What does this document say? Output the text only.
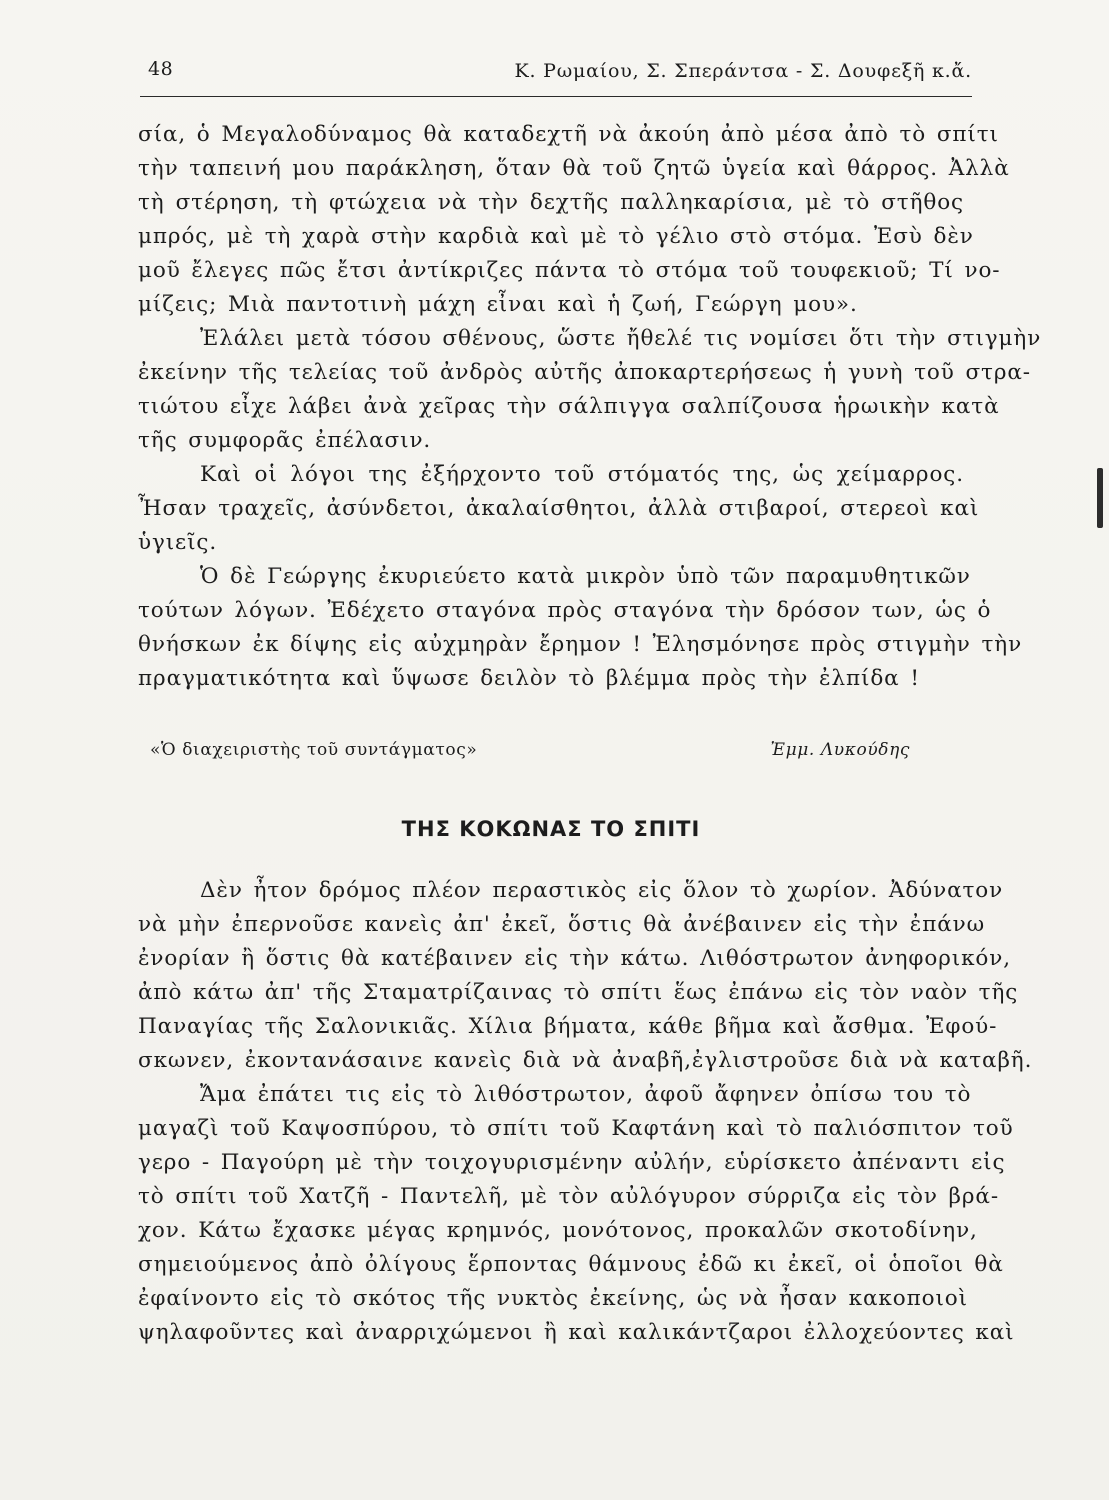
48	Κ. Ρωμαίου, Σ. Σπεράντσα - Σ. Δουφεξῆ κ.ἄ.
σία, ὁ Μεγαλοδύναμος θὰ καταδεχτῆ νὰ ἀκούη ἀπὸ μέσα ἀπὸ τὸ σπίτι
τὴν ταπεινή μου παράκληση, ὅταν θὰ τοῦ ζητῶ ὑγεία καὶ θάρρος. Ἀλλὰ
τὴ στέρηση, τὴ φτώχεια νὰ τὴν δεχτῆς παλληκαρίσια, μὲ τὸ στῆθος
μπρός, μὲ τὴ χαρὰ στὴν καρδιὰ καὶ μὲ τὸ γέλιο στὸ στόμα. Ἐσὺ δὲν
μοῦ ἔλεγες πῶς ἔτσι ἀντίκριζες πάντα τὸ στόμα τοῦ τουφεκιοῦ; Τί νο-
μίζεις; Μιὰ παντοτινὴ μάχη εἶναι καὶ ἡ ζωή, Γεώργη μου».
Ἐλάλει μετὰ τόσου σθένους, ὥστε ἤθελέ τις νομίσει ὅτι τὴν στιγμὴν
ἐκείνην τῆς τελείας τοῦ ἀνδρὸς αὐτῆς ἀποκαρτερήσεως ἡ γυνὴ τοῦ στρα-
τιώτου εἶχε λάβει ἀνὰ χεῖρας τὴν σάλπιγγα σαλπίζουσα ἡρωικὴν κατὰ
τῆς συμφορᾶς ἐπέλασιν.
Καὶ οἱ λόγοι της ἐξήρχοντο τοῦ στόματός της, ὡς χείμαρρος.
Ἦσαν τραχεῖς, ἀσύνδετοι, ἀκαλαίσθητοι, ἀλλὰ στιβαροί, στερεοὶ καὶ
ὑγιεῖς.
Ὁ δὲ Γεώργης ἐκυριεύετο κατὰ μικρὸν ὑπὸ τῶν παραμυθητικῶν
τούτων λόγων. Ἐδέχετο σταγόνα πρὸς σταγόνα τὴν δρόσον των, ὡς ὁ
θνήσκων ἐκ δίψης εἰς αὐχμηρὰν ἔρημον ! Ἐλησμόνησε πρὸς στιγμὴν τὴν
πραγματικότητα καὶ ὕψωσε δειλὸν τὸ βλέμμα πρὸς τὴν ἐλπίδα !
«Ὁ διαχειριστὴς τοῦ συντάγματος»	Ἐμμ. Λυκούδης
ΤΗΣ ΚΟΚΩΝΑΣ ΤΟ ΣΠΙΤΙ
Δὲν ἦτον δρόμος πλέον περαστικὸς εἰς ὅλον τὸ χωρίον. Ἀδύνατον
νὰ μὴν ἐπερνοῦσε κανεὶς ἀπ' ἐκεῖ, ὅστις θὰ ἀνέβαινεν εἰς τὴν ἐπάνω
ἐνορίαν ἢ ὅστις θὰ κατέβαινεν εἰς τὴν κάτω. Λιθόστρωτον ἀνηφορικόν,
ἀπὸ κάτω ἀπ' τῆς Σταματρίζαινας τὸ σπίτι ἕως ἐπάνω εἰς τὸν ναὸν τῆς
Παναγίας τῆς Σαλονικιᾶς. Χίλια βήματα, κάθε βῆμα καὶ ἄσθμα. Ἐφού-
σκωνεν, ἐκοντανάσαινε κανεὶς διὰ νὰ ἀναβῆ,ἐγλιστροῦσε διὰ νὰ καταβῆ.
Ἄμα ἐπάτει τις εἰς τὸ λιθόστρωτον, ἀφοῦ ἄφηνεν ὀπίσω του τὸ
μαγαζὶ τοῦ Καψοσπύρου, τὸ σπίτι τοῦ Καφτάνη καὶ τὸ παλιόσπιτον τοῦ
γερο - Παγούρη μὲ τὴν τοιχογυρισμένην αὐλήν, εὑρίσκετο ἀπέναντι εἰς
τὸ σπίτι τοῦ Χατζῆ - Παντελῆ, μὲ τὸν αὐλόγυρον σύρριζα εἰς τὸν βρά-
χον. Κάτω ἔχασκε μέγας κρημνός, μονότονος, προκαλῶν σκοτοδίνην,
σημειούμενος ἀπὸ ὀλίγους ἕρποντας θάμνους ἐδῶ κι ἐκεῖ, οἱ ὁποῖοι θὰ
ἐφαίνοντο εἰς τὸ σκότος τῆς νυκτὸς ἐκείνης, ὡς νὰ ἦσαν κακοποιοὶ
ψηλαφοῦντες καὶ ἀναρριχώμενοι ἢ καὶ καλικάντζαροι ἐλλοχεύοντες καὶ
